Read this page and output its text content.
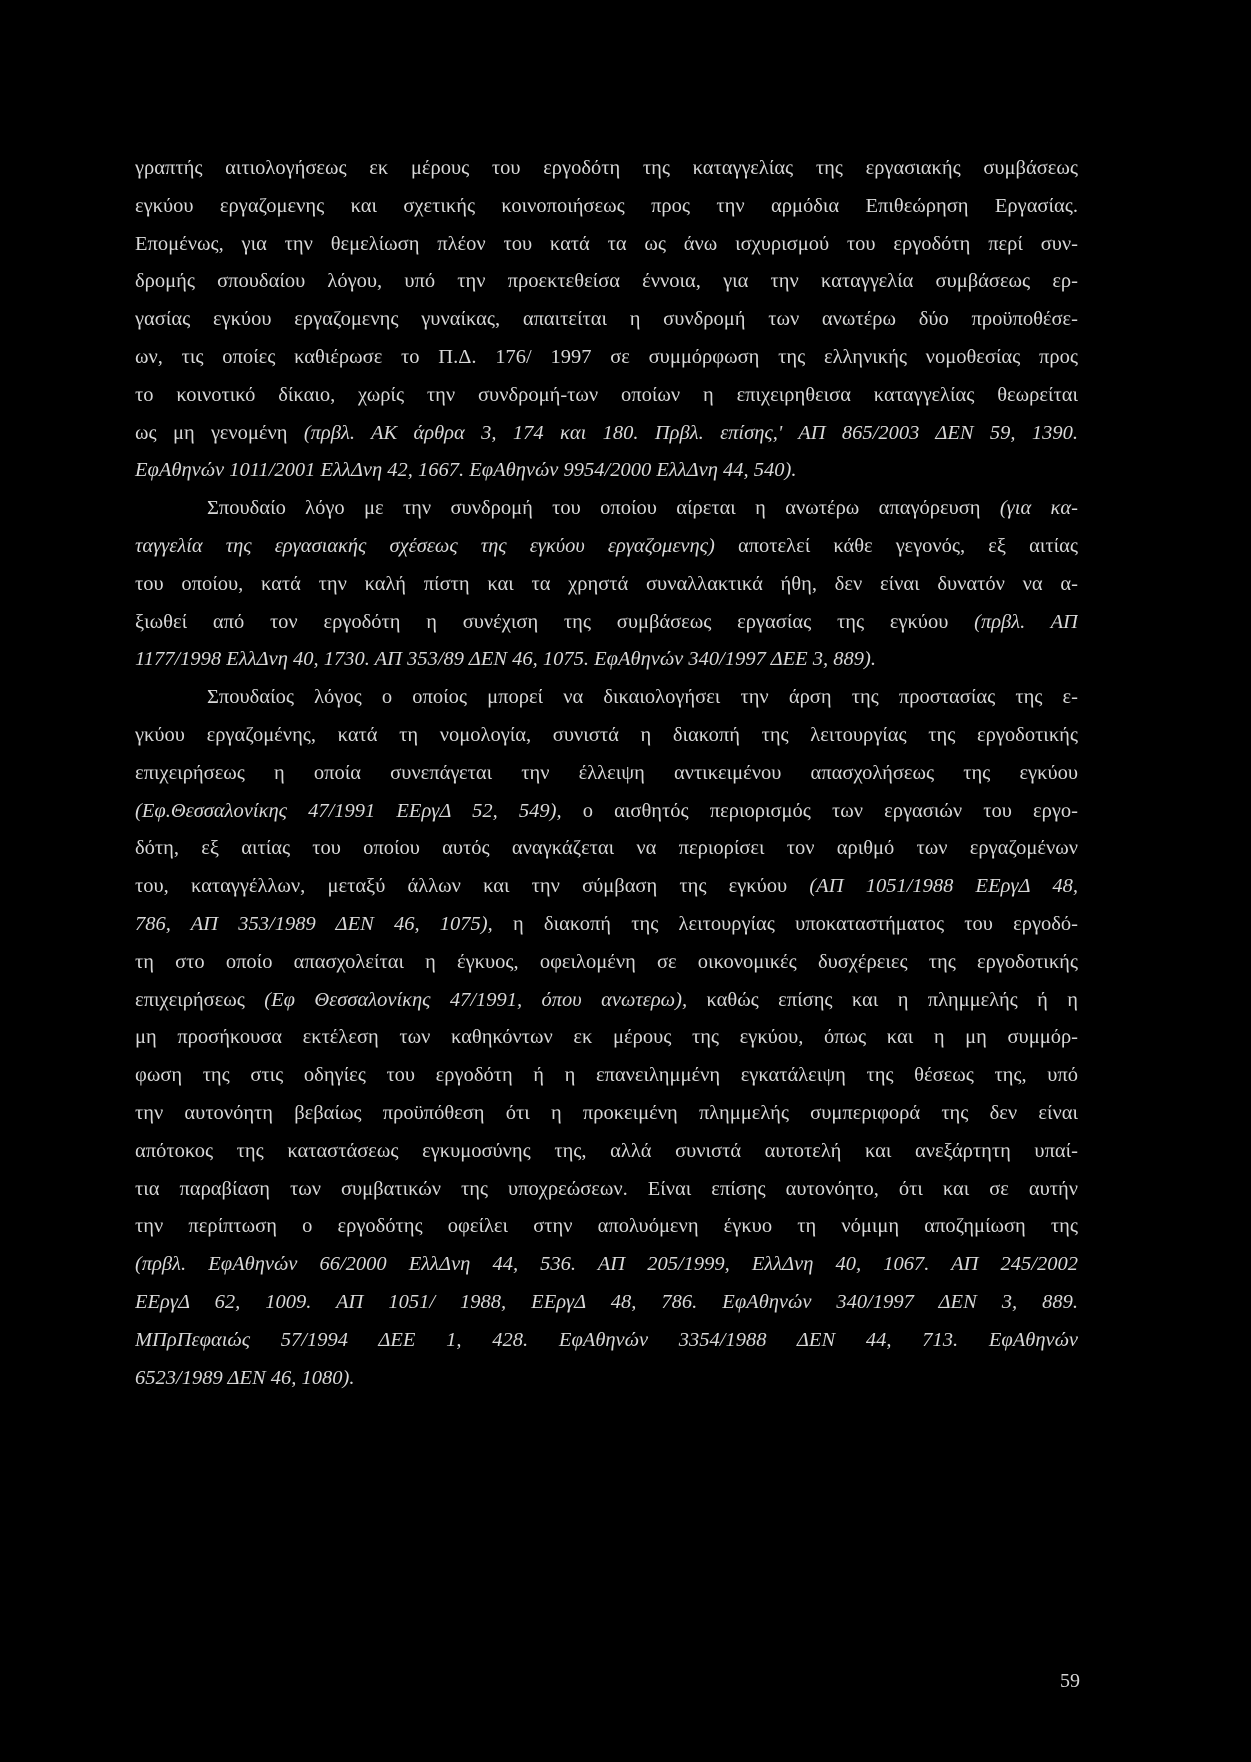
γραπτής αιτιολογήσεως εκ μέρους του εργοδότη της καταγγελίας της εργασιακής συμβάσεως
εγκύου εργαζομενης και σχετικής κοινοποιήσεως προς την αρμόδια Επιθεώρηση Εργασίας.
Επομένως, για την θεμελίωση πλέον του κατά τα ως άνω ισχυρισμού του εργοδότη περί συν-
δρομής σπουδαίου λόγου, υπό την προεκτεθείσα έννοια, για την καταγγελία συμβάσεως ερ-
γασίας εγκύου εργαζομενης γυναίκας, απαιτείται η συνδρομή των ανωτέρω δύο προϋποθέσε-
ων, τις οποίες καθιέρωσε το Π.Δ. 176/ 1997 σε συμμόρφωση της ελληνικής νομοθεσίας προς
το κοινοτικό δίκαιο, χωρίς την συνδρομή-των οποίων η επιχειρηθεισα καταγγελίας θεωρείται
ως μη γενομένη (πρβλ. ΑΚ άρθρα 3, 174 και 180. Πρβλ. επίσης,' ΑΠ 865/2003 ΔΕΝ 59, 1390.
ΕφΑθηνών 1011/2001 ΕλλΔνη 42, 1667. ΕφΑθηνών 9954/2000 ΕλλΔνη 44, 540).
Σπουδαίο λόγο με την συνδρομή του οποίου αίρεται η ανωτέρω απαγόρευση (για κα-
ταγγελία της εργασιακής σχέσεως της εγκύου εργαζομενης) αποτελεί κάθε γεγονός, εξ αιτίας
του οποίου, κατά την καλή πίστη και τα χρηστά συναλλακτικά ήθη, δεν είναι δυνατόν να α-
ξιωθεί από τον εργοδότη η συνέχιση της συμβάσεως εργασίας της εγκύου (πρβλ. ΑΠ
1177/1998 ΕλλΔνη 40, 1730. ΑΠ 353/89 ΔΕΝ 46, 1075. ΕφΑθηνών 340/1997 ΔΕΕ 3, 889).
Σπουδαίος λόγος ο οποίος μπορεί να δικαιολογήσει την άρση της προστασίας της ε-
γκύου εργαζομένης, κατά τη νομολογία, συνιστά η διακοπή της λειτουργίας της εργοδοτικής
επιχειρήσεως η οποία συνεπάγεται την έλλειψη αντικειμένου απασχολήσεως της εγκύου
(Εφ.Θεσσαλονίκης 47/1991 ΕΕργΔ 52, 549), ο αισθητός περιορισμός των εργασιών του εργο-
δότη, εξ αιτίας του οποίου αυτός αναγκάζεται να περιορίσει τον αριθμό των εργαζομένων
του, καταγγέλλων, μεταξύ άλλων και την σύμβαση της εγκύου (ΑΠ 1051/1988 ΕΕργΔ 48,
786, ΑΠ 353/1989 ΔΕΝ 46, 1075), η διακοπή της λειτουργίας υποκαταστήματος του εργοδό-
τη στο οποίο απασχολείται η έγκυος, οφειλομένη σε οικονομικές δυσχέρειες της εργοδοτικής
επιχειρήσεως (Εφ Θεσσαλονίκης 47/1991, όπου ανωτερω), καθώς επίσης και η πλημμελής ή η
μη προσήκουσα εκτέλεση των καθηκόντων εκ μέρους της εγκύου, όπως και η μη συμμόρ-
φωση της στις οδηγίες του εργοδότη ή η επανειλημμένη εγκατάλειψη της θέσεως της, υπό
την αυτονόητη βεβαίως προϋπόθεση ότι η προκειμένη πλημμελής συμπεριφορά της δεν είναι
απότοκος της καταστάσεως εγκυμοσύνης της, αλλά συνιστά αυτοτελή και ανεξάρτητη υπαί-
τια παραβίαση των συμβατικών της υποχρεώσεων. Είναι επίσης αυτονόητο, ότι και σε αυτήν
την περίπτωση ο εργοδότης οφείλει στην απολυόμενη έγκυο τη νόμιμη αποζημίωση της
(πρβλ. ΕφΑθηνών 66/2000 ΕλλΔνη 44, 536. ΑΠ 205/1999, ΕλλΔνη 40, 1067. ΑΠ 245/2002
ΕΕργΔ 62, 1009. ΑΠ 1051/ 1988, ΕΕργΔ 48, 786. ΕφΑθηνών 340/1997 ΔΕΝ 3, 889.
ΜΠρΠεφαιώς 57/1994 ΔΕΕ 1, 428. ΕφΑθηνών 3354/1988 ΔΕΝ 44, 713. ΕφΑθηνών
6523/1989 ΔΕΝ 46, 1080).
59
